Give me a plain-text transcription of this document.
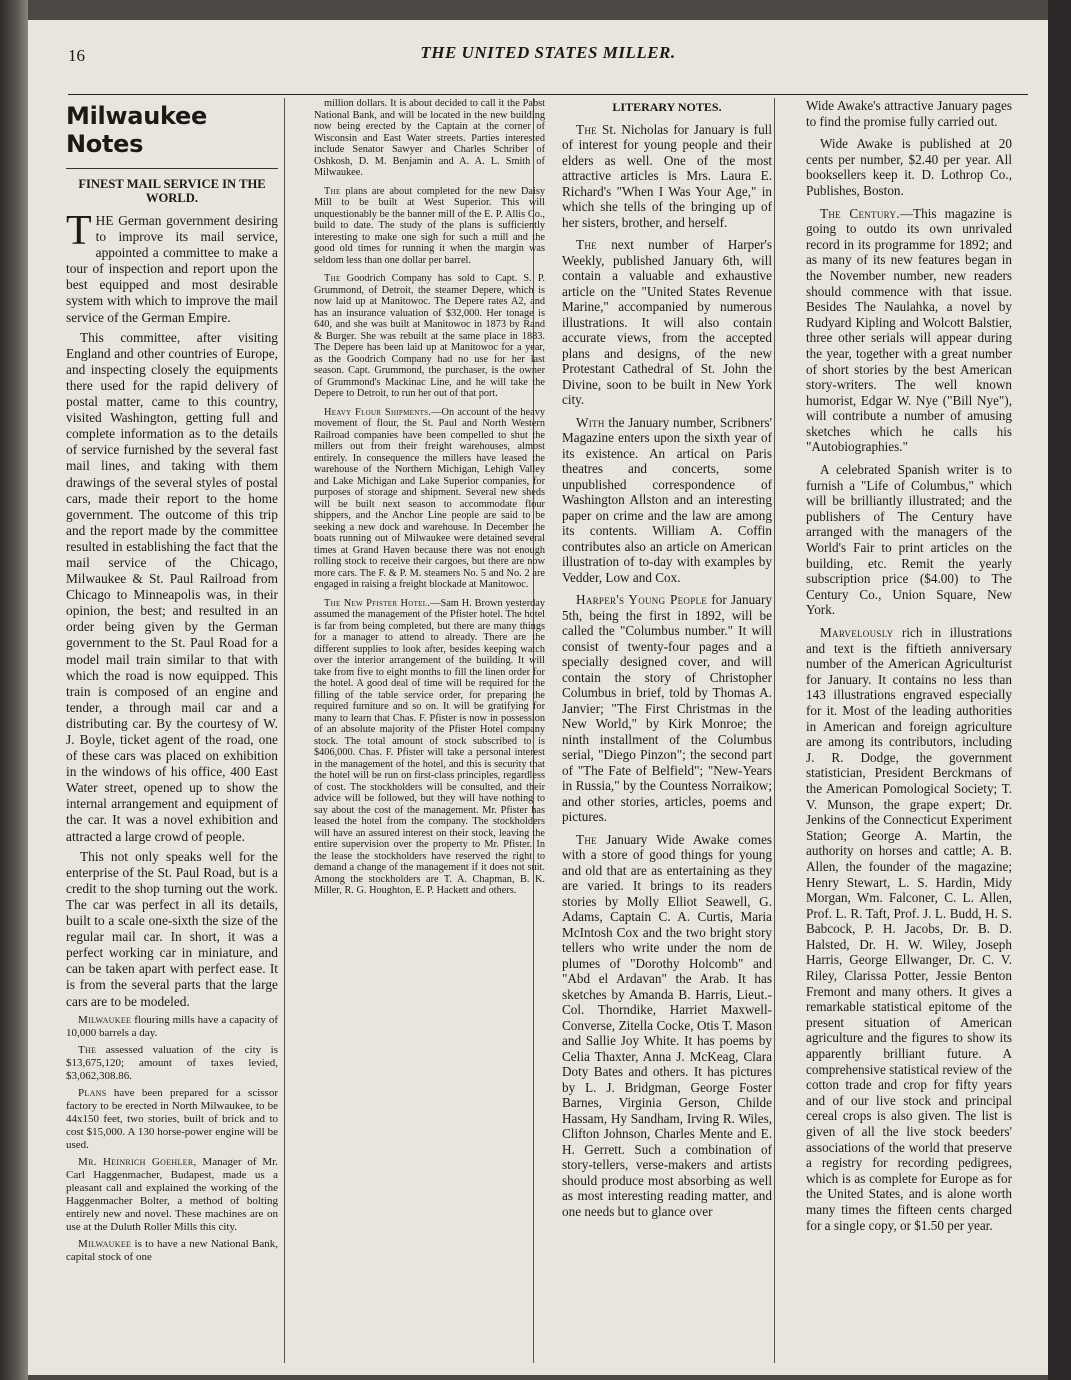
16	THE UNITED STATES MILLER.
Milwaukee Notes
FINEST MAIL SERVICE IN THE WORLD.

THE German government desiring to improve its mail service, appointed a committee to make a tour of inspection and report upon the best equipped and most desirable system with which to improve the mail service of the German Empire.

This committee, after visiting England and other countries of Europe, and inspecting closely the equipments there used for the rapid delivery of postal matter, came to this country, visited Washington, getting full and complete information as to the details of service furnished by the several fast mail lines, and taking with them drawings of the several styles of postal cars, made their report to the home government. The outcome of this trip and the report made by the committee resulted in establishing the fact that the mail service of the Chicago, Milwaukee & St. Paul Railroad from Chicago to Minneapolis was, in their opinion, the best; and resulted in an order being given by the German government to the St. Paul Road for a model mail train similar to that with which the road is now equipped. This train is composed of an engine and tender, a through mail car and a distributing car. By the courtesy of W. J. Boyle, ticket agent of the road, one of these cars was placed on exhibition in the windows of his office, 400 East Water street, opened up to show the internal arrangement and equipment of the car. It was a novel exhibition and attracted a large crowd of people.

This not only speaks well for the enterprise of the St. Paul Road, but is a credit to the shop turning out the work. The car was perfect in all its details, built to a scale one-sixth the size of the regular mail car. In short, it was a perfect working car in miniature, and can be taken apart with perfect ease. It is from the several parts that the large cars are to be modeled.

Milwaukee flouring mills have a capacity of 10,000 barrels a day.

The assessed valuation of the city is $13,675,120; amount of taxes levied, $3,062,308.86.

Plans have been prepared for a scissor factory to be erected in North Milwaukee, to be 44x150 feet, two stories, built of brick and to cost $15,000. A 130 horse-power engine will be used.

Mr. Heinrich Goehler, Manager of Mr. Carl Haggenmacher, Budapest, made us a pleasant call and explained the working of the Haggenmacher Bolter, a method of bolting entirely new and novel. These machines are on use at the Duluth Roller Mills this city.

Milwaukee is to have a new National Bank, capital stock of one

million dollars. It is about decided to call it the Pabst National Bank, and will be located in the new building now being erected by the Captain at the corner of Wisconsin and East Water streets. Parties interested include Senator Sawyer and Charles Schriber of Oshkosh, D. M. Benjamin and A. A. L. Smith of Milwaukee.

The plans are about completed for the new Daisy Mill to be built at West Superior. This will unquestionably be the banner mill of the E. P. Allis Co., build to date. The study of the plans is sufficiently interesting to make one sigh for such a mill and the good old times for running it when the margin was seldom less than one dollar per barrel.

The Goodrich Company has sold to Capt. S. P. Grummond, of Detroit, the steamer Depere, which is now laid up at Manitowoc. The Depere rates A2, and has an insurance valuation of $32,000. Her tonage is 640, and she was built at Manitowoc in 1873 by Rand & Burger. She was rebuilt at the same place in 1883. The Depere has been laid up at Manitowoc for a year, as the Goodrich Company had no use for her last season. Capt. Grummond, the purchaser, is the owner of Grummond's Mackinac Line, and he will take the Depere to Detroit, to run her out of that port.

Heavy Flour Shipments.—On account of the heavy movement of flour, the St. Paul and North Western Railroad companies have been compelled to shut the millers out from their freight warehouses, almost entirely. In consequence the millers have leased the warehouse of the Northern Michigan, Lehigh Valley and Lake Michigan and Lake Superior companies, for purposes of storage and shipment. Several new sheds will be built next season to accommodate flour shippers, and the Anchor Line people are said to be seeking a new dock and warehouse. In December the boats running out of Milwaukee were detained several times at Grand Haven because there was not enough rolling stock to receive their cargoes, but there are now more cars. The F. & P. M. steamers No. 5 and No. 2 are engaged in raising a freight blockade at Manitowoc.

The New Pfister Hotel.—Sam H. Brown yesterday assumed the management of the Pfister hotel. The hotel is far from being completed, but there are many things for a manager to attend to already. There are the different supplies to look after, besides keeping watch over the interior arrangement of the building. It will take from five to eight months to fill the linen order for the hotel. A good deal of time will be required for the filling of the table service order, for preparing the required furniture and so on. It will be gratifying for many to learn that Chas. F. Pfister is now in possession of an absolute majority of the Pfister Hotel company stock. The total amount of stock subscribed to is $406,000. Chas. F. Pfister will take a personal interest in the management of the hotel, and this is security that the hotel will be run on first-class principles, regardless of cost. The stockholders will be consulted, and their advice will be followed, but they will have nothing to say about the cost of the management. Mr. Pfister has leased the hotel from the company. The stockholders will have an assured interest on their stock, leaving the entire supervision over the property to Mr. Pfister. In the lease the stockholders have reserved the right to demand a change of the management if it does not suit. Among the stockholders are T. A. Chapman, B. K. Miller, R. G. Houghton, E. P. Hackett and others.

LITERARY NOTES.

The St. Nicholas for January is full of interest for young people and their elders as well. One of the most attractive articles is Mrs. Laura E. Richard's "When I Was Your Age," in which she tells of the bringing up of her sisters, brother, and herself.

The next number of Harper's Weekly, published January 6th, will contain a valuable and exhaustive article on the "United States Revenue Marine," accompanied by numerous illustrations. It will also contain accurate views, from the accepted plans and designs, of the new Protestant Cathedral of St. John the Divine, soon to be built in New York city.

With the January number, Scribners' Magazine enters upon the sixth year of its existence. An artical on Paris theatres and concerts, some unpublished correspondence of Washington Allston and an interesting paper on crime and the law are among its contents. William A. Coffin contributes also an article on American illustration of to-day with examples by Vedder, Low and Cox.

Harper's Young People for January 5th, being the first in 1892, will be called the "Columbus number." It will consist of twenty-four pages and a specially designed cover, and will contain the story of Christopher Columbus in brief, told by Thomas A. Janvier; "The First Christmas in the New World," by Kirk Monroe; the ninth installment of the Columbus serial, "Diego Pinzon"; the second part of "The Fate of Belfield"; "New-Years in Russia," by the Countess Norraikow; and other stories, articles, poems and pictures.

The January Wide Awake comes with a store of good things for young and old that are as entertaining as they are varied. It brings to its readers stories by Molly Elliot Seawell, G. Adams, Captain C. A. Curtis, Maria McIntosh Cox and the two bright story tellers who write under the nom de plumes of "Dorothy Holcomb" and "Abd el Ardavan" the Arab. It has sketches by Amanda B. Harris, Lieut.-Col. Thorndike, Harriet Maxwell-Converse, Zitella Cocke, Otis T. Mason and Sallie Joy White. It has poems by Celia Thaxter, Anna J. McKeag, Clara Doty Bates and others. It has pictures by L. J. Bridgman, George Foster Barnes, Virginia Gerson, Childe Hassam, Hy Sandham, Irving R. Wiles, Clifton Johnson, Charles Mente and E. H. Gerrett. Such a combination of story-tellers, verse-makers and artists should produce most absorbing as well as most interesting reading matter, and one needs but to glance over

Wide Awake's attractive January pages to find the promise fully carried out.

Wide Awake is published at 20 cents per number, $2.40 per year. All booksellers keep it. D. Lothrop Co., Publishes, Boston.

The Century.—This magazine is going to outdo its own unrivaled record in its programme for 1892; and as many of its new features began in the November number, new readers should commence with that issue. Besides The Naulahka, a novel by Rudyard Kipling and Wolcott Balstier, three other serials will appear during the year, together with a great number of short stories by the best American story-writers. The well known humorist, Edgar W. Nye ("Bill Nye"), will contribute a number of amusing sketches which he calls his "Autobiographies."

A celebrated Spanish writer is to furnish a "Life of Columbus," which will be brilliantly illustrated; and the publishers of The Century have arranged with the managers of the World's Fair to print articles on the building, etc. Remit the yearly subscription price ($4.00) to The Century Co., Union Square, New York.

Marvelously rich in illustrations and text is the fiftieth anniversary number of the American Agriculturist for January. It contains no less than 143 illustrations engraved especially for it. Most of the leading authorities in American and foreign agriculture are among its contributors, including J. R. Dodge, the government statistician, President Berckmans of the American Pomological Society; T. V. Munson, the grape expert; Dr. Jenkins of the Connecticut Experiment Station; George A. Martin, the authority on horses and cattle; A. B. Allen, the founder of the magazine; Henry Stewart, L. S. Hardin, Midy Morgan, Wm. Falconer, C. L. Allen, Prof. L. R. Taft, Prof. J. L. Budd, H. S. Babcock, P. H. Jacobs, Dr. B. D. Halsted, Dr. H. W. Wiley, Joseph Harris, George Ellwanger, Dr. C. V. Riley, Clarissa Potter, Jessie Benton Fremont and many others. It gives a remarkable statistical epitome of the present situation of American agriculture and the figures to show its apparently brilliant future. A comprehensive statistical review of the cotton trade and crop for fifty years and of our live stock and principal cereal crops is also given. The list is given of all the live stock beeders' associations of the world that preserve a registry for recording pedigrees, which is as complete for Europe as for the United States, and is alone worth many times the fifteen cents charged for a single copy, or $1.50 per year.
